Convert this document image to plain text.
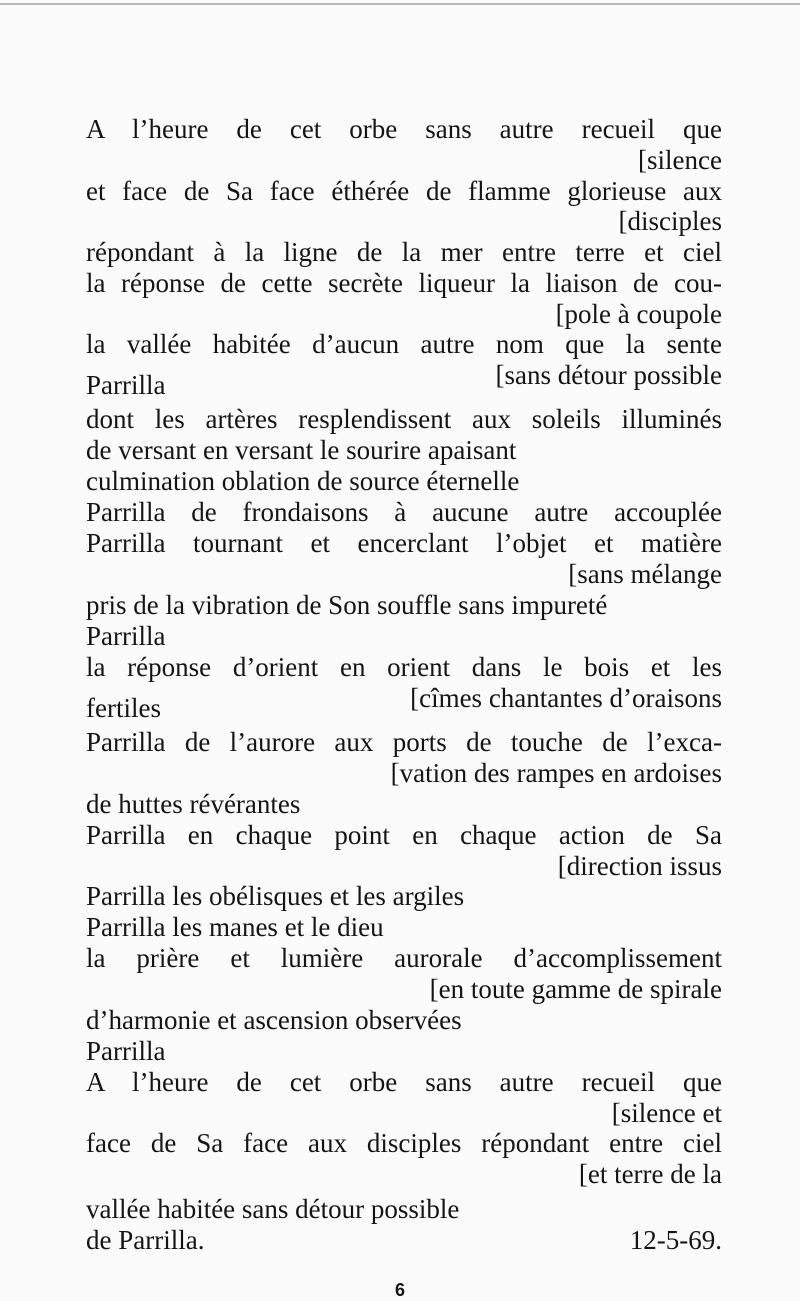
A l’heure de cet orbe sans autre recueil que
[silence
et face de Sa face éthérée de flamme glorieuse aux
[disciples
répondant à la ligne de la mer entre terre et ciel
la réponse de cette secrète liqueur la liaison de cou-
[pole à coupole
la vallée habitée d’aucun autre nom que la sente
Parrilla	[sans détour possible
dont les artères resplendissent aux soleils illuminés
de versant en versant le sourire apaisant
culmination oblation de source éternelle
Parrilla de frondaisons à aucune autre accouplée
Parrilla tournant et encerclant l’objet et matière
[sans mélange
pris de la vibration de Son souffle sans impureté
Parrilla
la réponse d’orient en orient dans le bois et les
fertiles	[cîmes chantantes d’oraisons
Parrilla de l’aurore aux ports de touche de l’exca-
[vation des rampes en ardoises
de huttes révérantes
Parrilla en chaque point en chaque action de Sa
[direction issus
Parrilla les obélisques et les argiles
Parrilla les manes et le dieu
la prière et lumière aurorale d’accomplissement
[en toute gamme de spirale
d’harmonie et ascension observées
Parrilla
A l’heure de cet orbe sans autre recueil que
[silence et
face de Sa face aux disciples répondant entre ciel
[et terre de la
vallée habitée sans détour possible
de Parrilla.	12-5-69.
6
